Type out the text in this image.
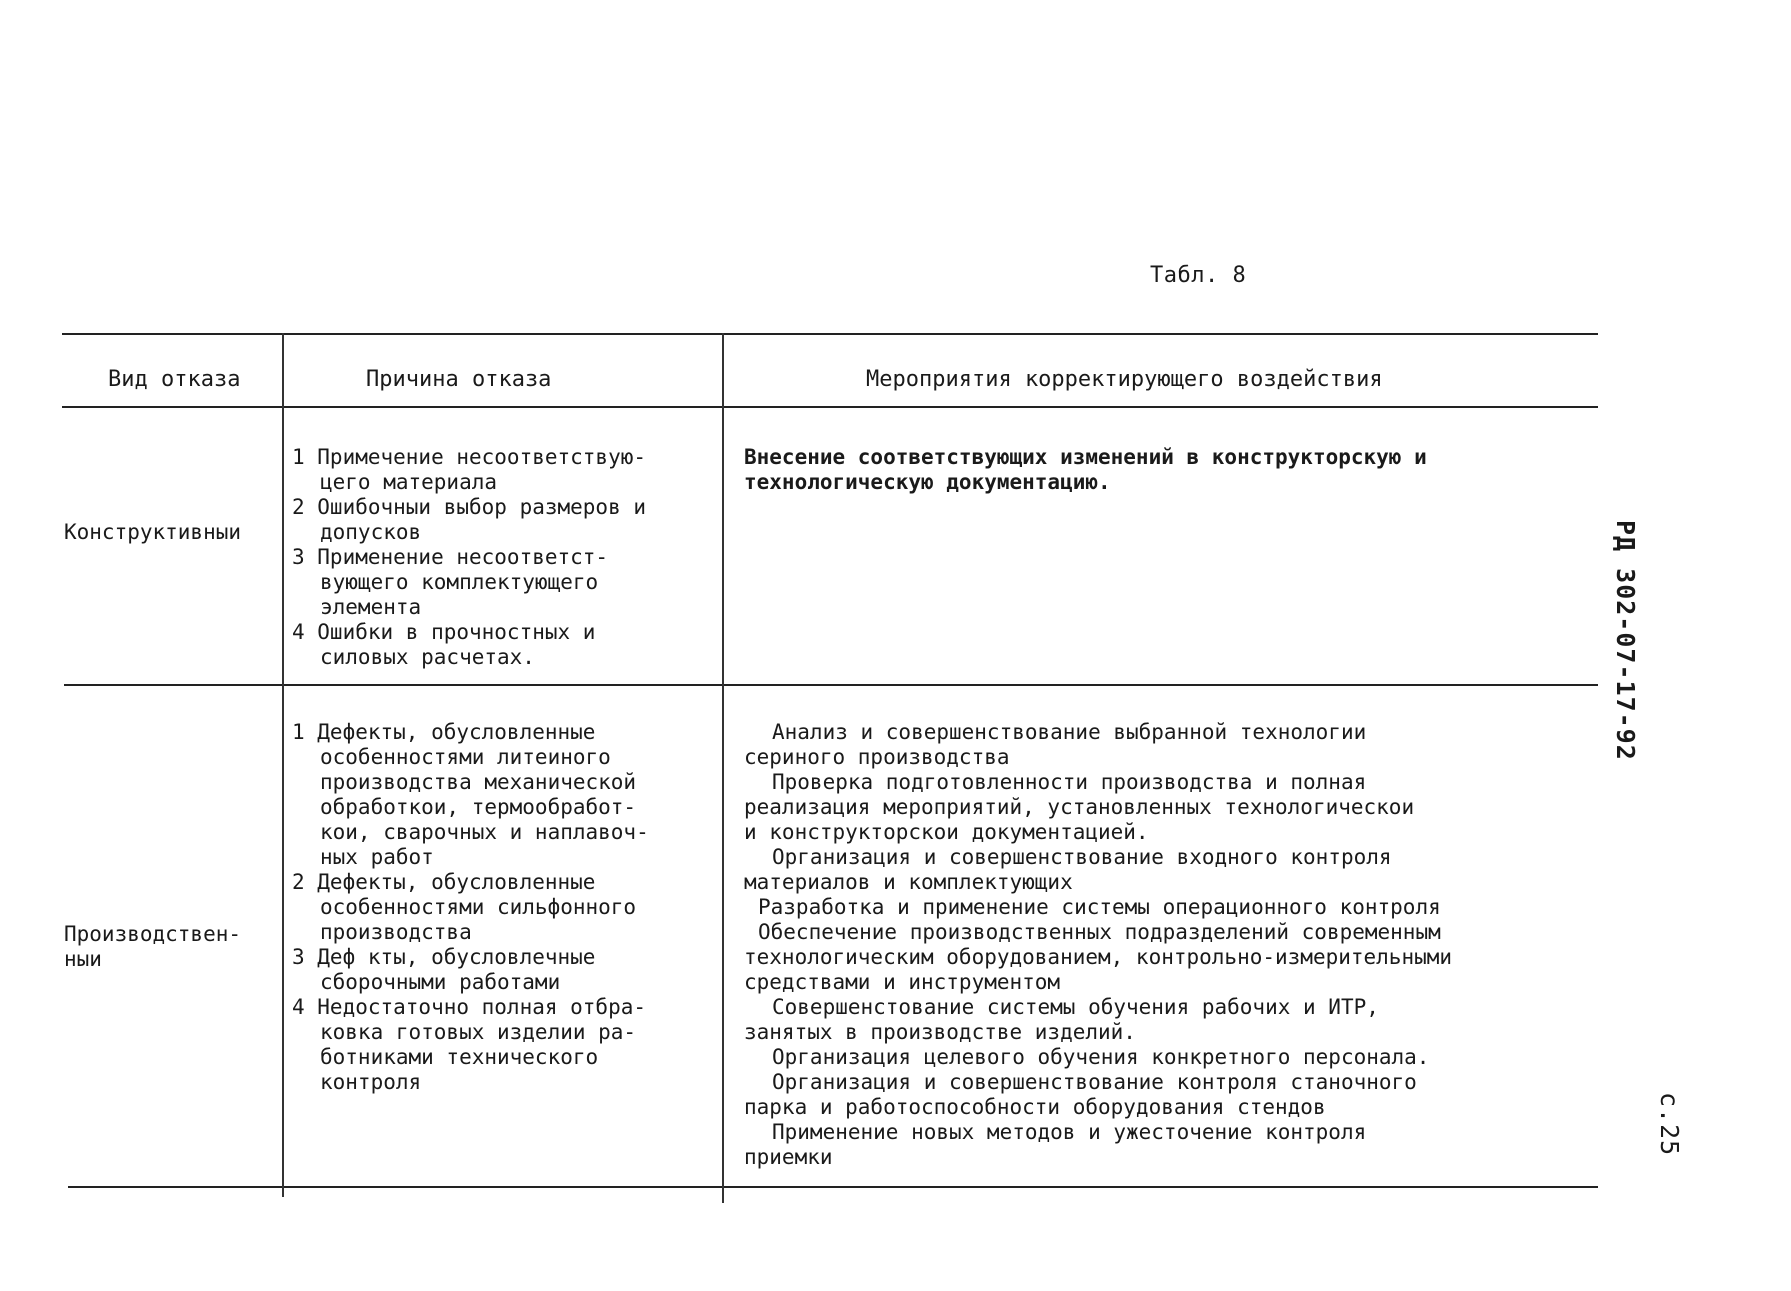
Табл. 8
Вид отказа	Причина отказа	Мероприятия корректирующего воздействия
Конструктивныи
1 Примечение несоответствую-
цего материала
2 Ошибочныи выбор размеров и
допусков
3 Применение несоответст-
вующего комплектующего
элемента
4 Ошибки в прочностных и
силовых расчетах.
Внесение соответствующих изменений в конструкторскую и
технологическую документацию.
Производствен-
ныи
1 Дефекты, обусловленные
особенностями литеиного
производства механической
обработкои, термообработ-
кои, сварочных и наплавоч-
ных работ
2 Дефекты, обусловленные
особенностями сильфонного
производства
3 Деф кты, обусловлечные
сборочными работами
4 Недостаточно полная отбра-
ковка готовых изделии ра-
ботниками технического
контроля
Анализ и совершенствование выбранной технологии
сериного производства
Проверка подготовленности производства и полная
реализация мероприятий, установленных технологическои
и конструкторскои документацией.
Организация и совершенствование входного контроля
материалов и комплектующих
Разработка и применение системы операционного контроля
Обеспечение производственных подразделений современным
технологическим оборудованием, контрольно-измерительными
средствами и инструментом
Совершенстование системы обучения рабочих и ИТР,
занятых в производстве изделий.
Организация целевого обучения конкретного персонала.
Организация и совершенствование контроля станочного
парка и работоспособности оборудования стендов
Применение новых методов и ужесточение контроля
приемки
РД 302-07-17-92
с.25
